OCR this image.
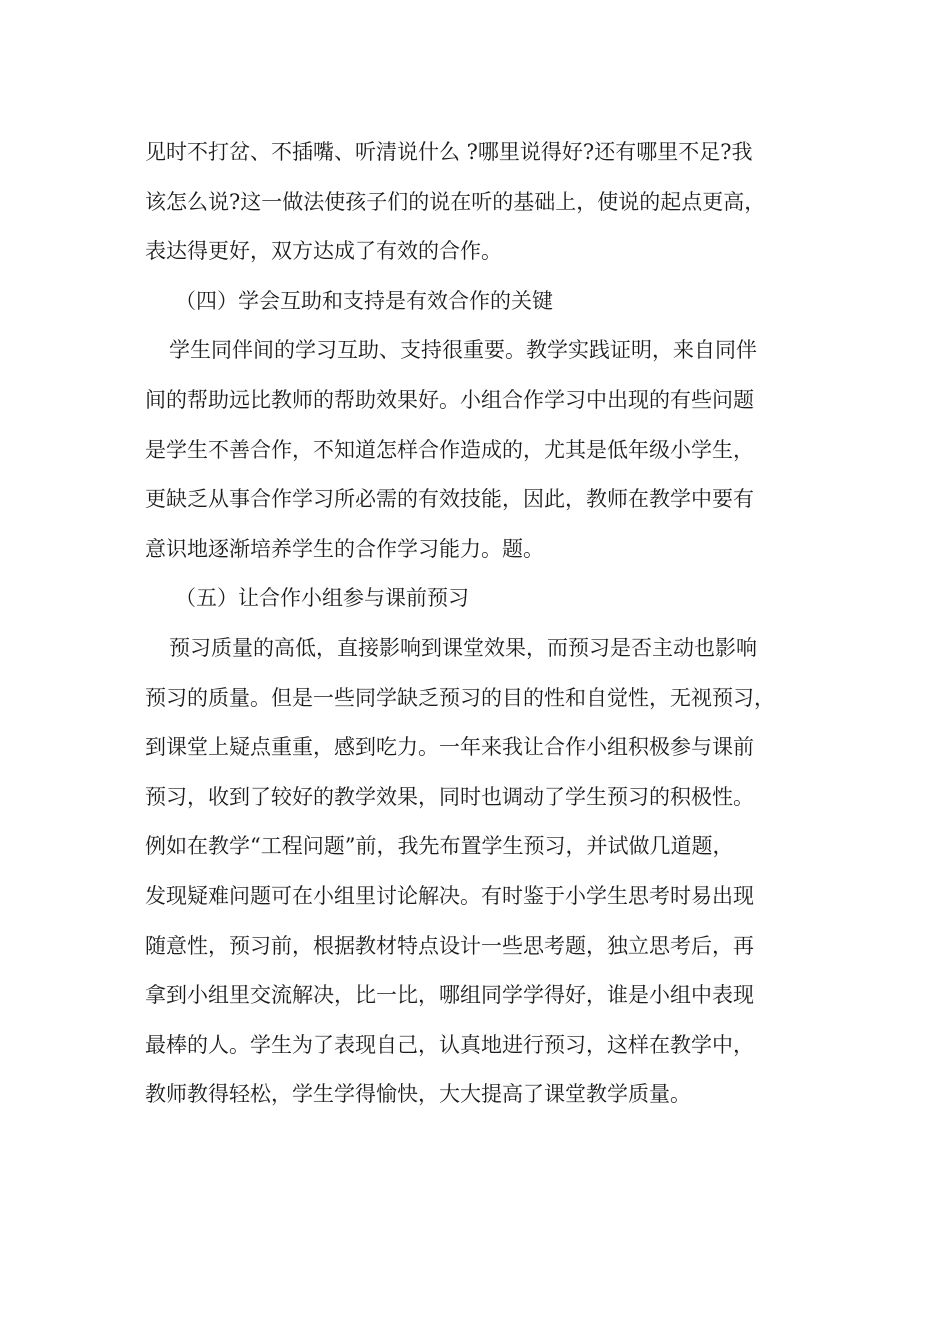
见时不打岔、不插嘴、听清说什么 ?哪里说得好?还有哪里不足?我
该怎么说?这一做法使孩子们的说在听的基础上，使说的起点更高，
表达得更好，双方达成了有效的合作。
（四）学会互助和支持是有效合作的关键
学生同伴间的学习互助、支持很重要。教学实践证明，来自同伴
间的帮助远比教师的帮助效果好。小组合作学习中出现的有些问题
是学生不善合作，不知道怎样合作造成的，尤其是低年级小学生，
更缺乏从事合作学习所必需的有效技能，因此，教师在教学中要有
意识地逐渐培养学生的合作学习能力。题。
（五）让合作小组参与课前预习
预习质量的高低，直接影响到课堂效果，而预习是否主动也影响
预习的质量。但是一些同学缺乏预习的目的性和自觉性，无视预习，
到课堂上疑点重重，感到吃力。一年来我让合作小组积极参与课前
预习，收到了较好的教学效果，同时也调动了学生预习的积极性。
例如在教学“工程问题”前，我先布置学生预习，并试做几道题，
发现疑难问题可在小组里讨论解决。有时鉴于小学生思考时易出现
随意性，预习前，根据教材特点设计一些思考题，独立思考后，再
拿到小组里交流解决，比一比，哪组同学学得好，谁是小组中表现
最棒的人。学生为了表现自己，认真地进行预习，这样在教学中，
教师教得轻松，学生学得愉快，大大提高了课堂教学质量。
